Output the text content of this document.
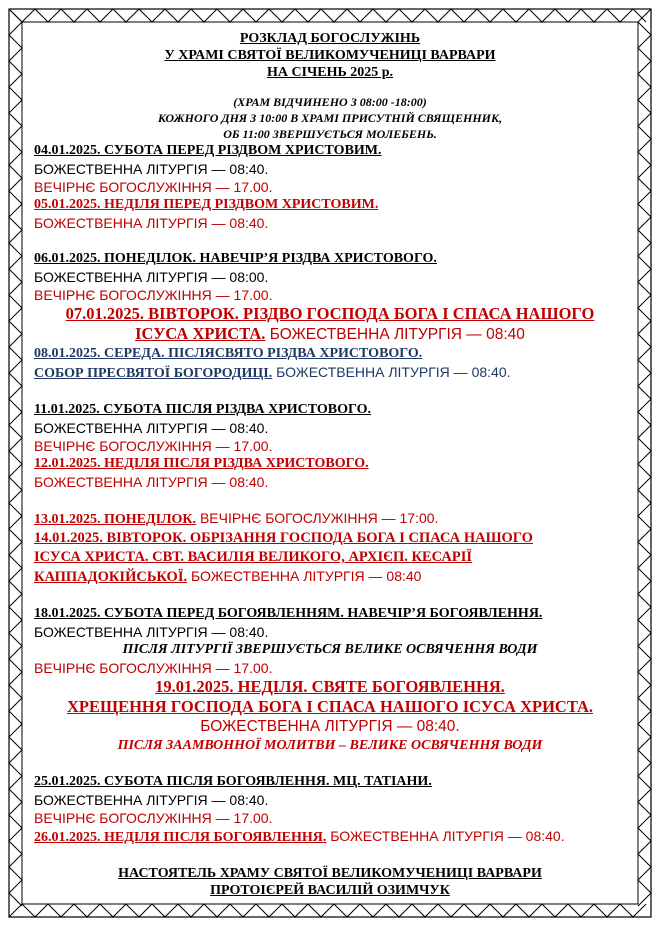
РОЗКЛАД БОГОСЛУЖІНЬ
У ХРАМІ СВЯТОЇ ВЕЛИКОМУЧЕНИЦІ ВАРВАРИ
НА СІЧЕНЬ 2025 р.
(ХРАМ ВІДЧИНЕНО З 08:00 -18:00)
КОЖНОГО ДНЯ З 10:00 В ХРАМІ ПРИСУТНІЙ СВЯЩЕННИК,
ОБ 11:00 ЗВЕРШУЄТЬСЯ МОЛЕБЕНЬ.
04.01.2025. СУБОТА ПЕРЕД РІЗДВОМ ХРИСТОВИМ.
БОЖЕСТВЕННА ЛІТУРГІЯ — 08:40.
ВЕЧІРНЄ БОГОСЛУЖІННЯ — 17.00.
05.01.2025. НЕДІЛЯ ПЕРЕД РІЗДВОМ ХРИСТОВИМ.
БОЖЕСТВЕННА ЛІТУРГІЯ — 08:40.
06.01.2025. ПОНЕДІЛОК. НАВЕЧІР’Я РІЗДВА ХРИСТОВОГО.
БОЖЕСТВЕННА ЛІТУРГІЯ — 08:00.
ВЕЧІРНЄ БОГОСЛУЖІННЯ — 17.00.
07.01.2025. ВІВТОРОК. РІЗДВО ГОСПОДА БОГА І СПАСА НАШОГО
ІСУСА ХРИСТА. БОЖЕСТВЕННА ЛІТУРГІЯ — 08:40
08.01.2025. СЕРЕДА. ПІСЛЯСВЯТО РІЗДВА ХРИСТОВОГО.
СОБОР ПРЕСВЯТОЇ БОГОРОДИЦІ. БОЖЕСТВЕННА ЛІТУРГІЯ — 08:40.
11.01.2025. СУБОТА ПІСЛЯ РІЗДВА ХРИСТОВОГО.
БОЖЕСТВЕННА ЛІТУРГІЯ — 08:40.
ВЕЧІРНЄ БОГОСЛУЖІННЯ — 17.00.
12.01.2025. НЕДІЛЯ ПІСЛЯ РІЗДВА ХРИСТОВОГО.
БОЖЕСТВЕННА ЛІТУРГІЯ — 08:40.
13.01.2025. ПОНЕДІЛОК. ВЕЧІРНЄ БОГОСЛУЖІННЯ — 17:00.
14.01.2025. ВІВТОРОК. ОБРІЗАННЯ ГОСПОДА БОГА І СПАСА НАШОГО
ІСУСА ХРИСТА. СВТ. ВАСИЛІЯ ВЕЛИКОГО, АРХІЄП. КЕСАРІЇ
КАППАДОКІЙСЬКОЇ. БОЖЕСТВЕННА ЛІТУРГІЯ — 08:40
18.01.2025. СУБОТА ПЕРЕД БОГОЯВЛЕННЯМ. НАВЕЧІР’Я БОГОЯВЛЕННЯ.
БОЖЕСТВЕННА ЛІТУРГІЯ — 08:40.
ПІСЛЯ ЛІТУРГІЇ ЗВЕРШУЄТЬСЯ ВЕЛИКЕ ОСВЯЧЕННЯ ВОДИ
ВЕЧІРНЄ БОГОСЛУЖІННЯ — 17.00.
19.01.2025. НЕДІЛЯ. СВЯТЕ БОГОЯВЛЕННЯ.
ХРЕЩЕННЯ ГОСПОДА БОГА І СПАСА НАШОГО ІСУСА ХРИСТА.
БОЖЕСТВЕННА ЛІТУРГІЯ — 08:40.
ПІСЛЯ ЗААМВОННОЇ МОЛИТВИ – ВЕЛИКЕ ОСВЯЧЕННЯ ВОДИ
25.01.2025. СУБОТА ПІСЛЯ БОГОЯВЛЕННЯ. МЦ. ТАТІАНИ.
БОЖЕСТВЕННА ЛІТУРГІЯ — 08:40.
ВЕЧІРНЄ БОГОСЛУЖІННЯ — 17.00.
26.01.2025. НЕДІЛЯ ПІСЛЯ БОГОЯВЛЕННЯ. БОЖЕСТВЕННА ЛІТУРГІЯ — 08:40.
НАСТОЯТЕЛЬ ХРАМУ СВЯТОЇ ВЕЛИКОМУЧЕНИЦІ ВАРВАРИ
ПРОТОІЄРЕЙ ВАСИЛІЙ ОЗИМЧУК
